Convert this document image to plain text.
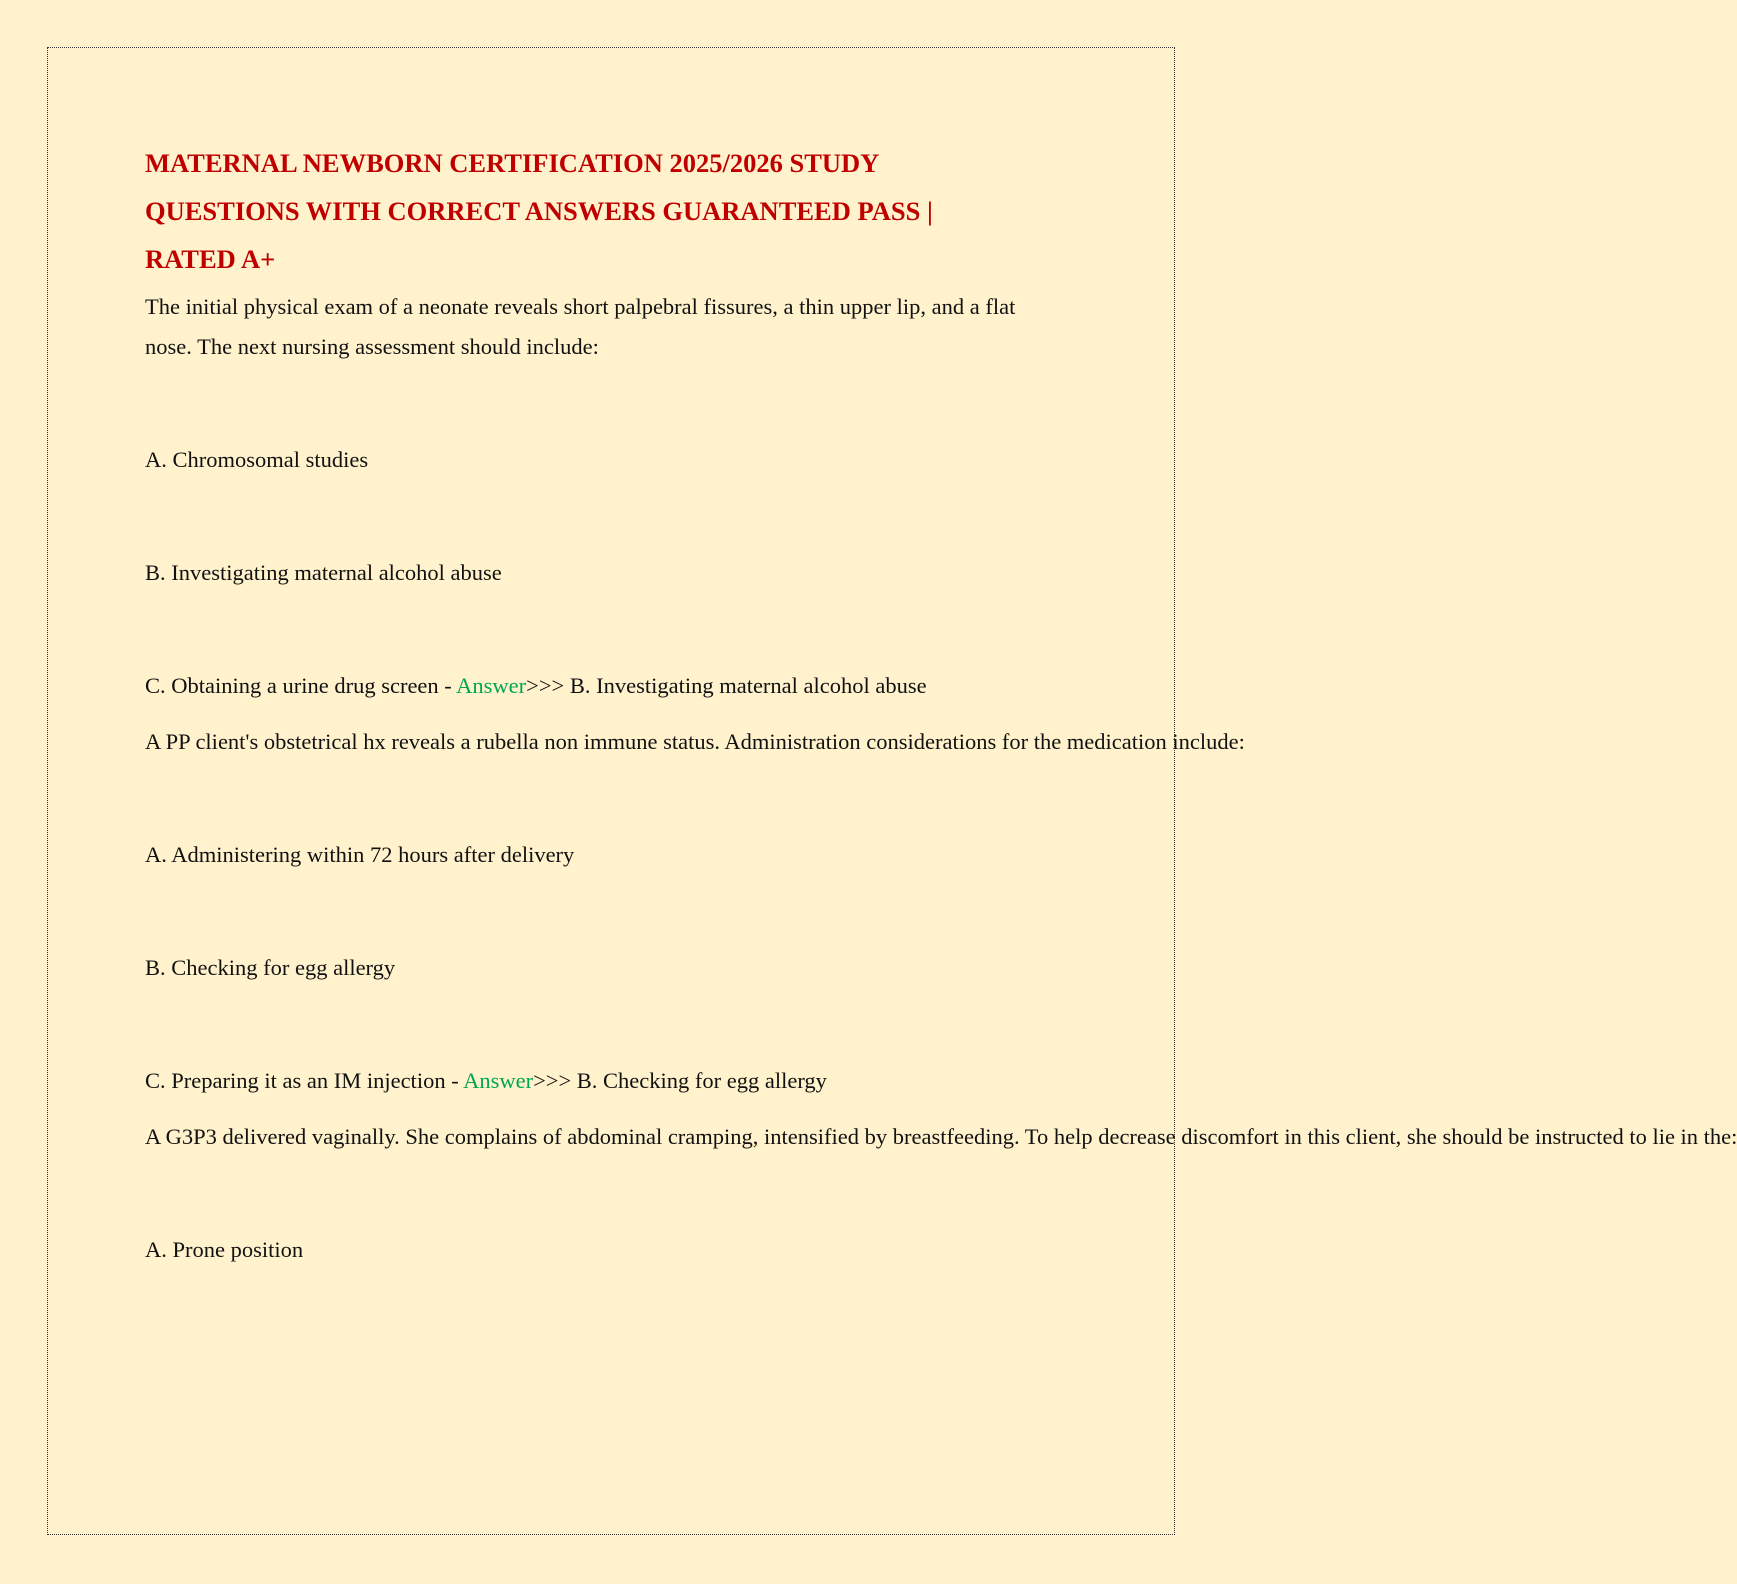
MATERNAL NEWBORN CERTIFICATION 2025/2026 STUDY
QUESTIONS WITH CORRECT ANSWERS GUARANTEED PASS |
RATED A+

The initial physical exam of a neonate reveals short palpebral fissures, a thin upper lip, and a flat
nose. The next nursing assessment should include:

A. Chromosomal studies

B. Investigating maternal alcohol abuse

C. Obtaining a urine drug screen - Answer>>> B. Investigating maternal alcohol abuse

A PP client's obstetrical hx reveals a rubella non immune status. Administration considerations for the medication include:

A. Administering within 72 hours after delivery

B. Checking for egg allergy

C. Preparing it as an IM injection - Answer>>> B. Checking for egg allergy

A G3P3 delivered vaginally. She complains of abdominal cramping, intensified by breastfeeding. To help decrease discomfort in this client, she should be instructed to lie in the:

A. Prone position
